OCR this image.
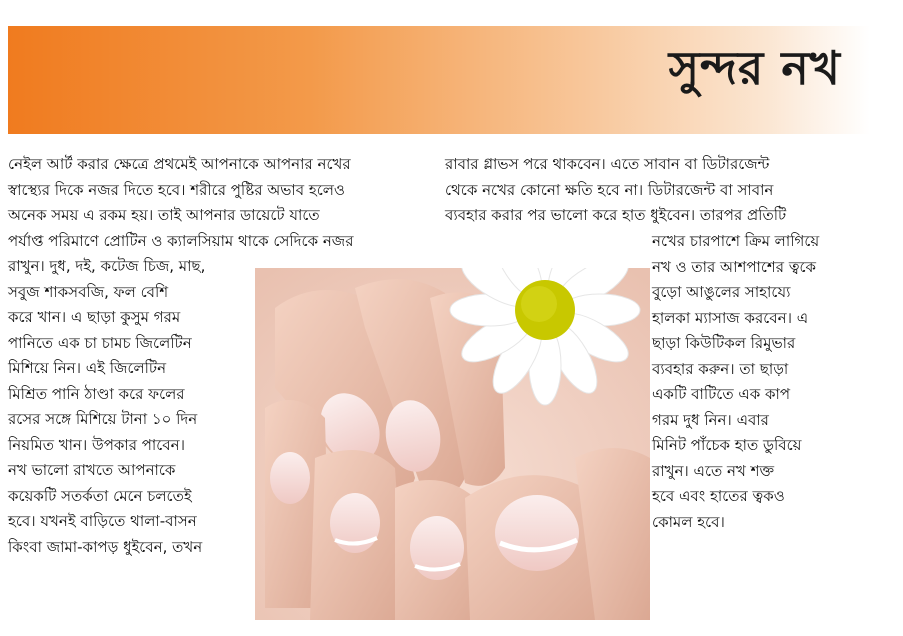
সুন্দর নখ
নেইল আর্ট করার ক্ষেত্রে প্রথমেই আপনাকে আপনার নখের
স্বাস্থ্যের দিকে নজর দিতে হবে। শরীরে পুষ্টির অভাব হলেও
অনেক সময় এ রকম হয়। তাই আপনার ডায়েটে যাতে
পর্যাপ্ত পরিমাণে প্রোটিন ও ক্যালসিয়াম থাকে সেদিকে নজর
রাখুন। দুধ, দই, কটেজ চিজ, মাছ,
সবুজ শাকসবজি, ফল বেশি
করে খান। এ ছাড়া কুসুম গরম
পানিতে এক চা চামচ জিলেটিন
মিশিয়ে নিন। এই জিলেটিন
মিশ্রিত পানি ঠাণ্ডা করে ফলের
রসের সঙ্গে মিশিয়ে টানা ১০ দিন
নিয়মিত খান। উপকার পাবেন।
নখ ভালো রাখতে আপনাকে
কয়েকটি সতর্কতা মেনে চলতেই
হবে। যখনই বাড়িতে থালা-বাসন
কিংবা জামা-কাপড় ধুইবেন, তখন
রাবার গ্লাভস পরে থাকবেন। এতে সাবান বা ডিটারজেন্ট
থেকে নখের কোনো ক্ষতি হবে না। ডিটারজেন্ট বা সাবান
ব্যবহার করার পর ভালো করে হাত ধুইবেন। তারপর প্রতিটি
নখের চারপাশে ক্রিম লাগিয়ে
নখ ও তার আশপাশের ত্বকে
বুড়ো আঙুলের সাহায্যে
হালকা ম্যাসাজ করবেন। এ
ছাড়া কিউটিকল রিমুভার
ব্যবহার করুন। তা ছাড়া
একটি বাটিতে এক কাপ
গরম দুধ নিন। এবার
মিনিট পাঁচেক হাত ডুবিয়ে
রাখুন। এতে নখ শক্ত
হবে এবং হাতের ত্বকও
কোমল হবে।
